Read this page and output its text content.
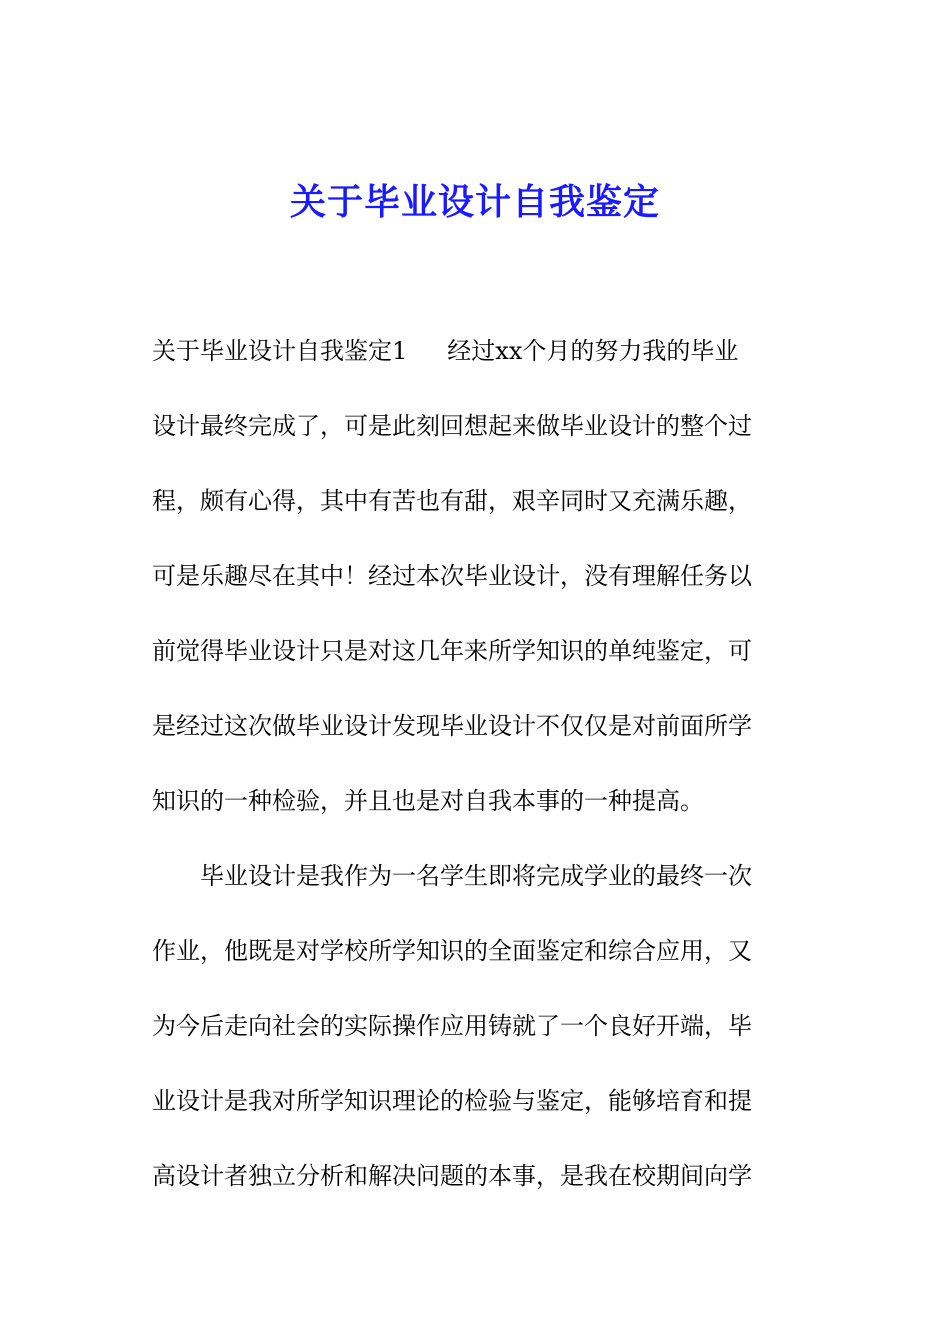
关于毕业设计自我鉴定
关于毕业设计自我鉴定1 经过xx个月的努力我的毕业
设计最终完成了，可是此刻回想起来做毕业设计的整个过
程，颇有心得，其中有苦也有甜，艰辛同时又充满乐趣，
可是乐趣尽在其中！经过本次毕业设计，没有理解任务以
前觉得毕业设计只是对这几年来所学知识的单纯鉴定，可
是经过这次做毕业设计发现毕业设计不仅仅是对前面所学
知识的一种检验，并且也是对自我本事的一种提高。
毕业设计是我作为一名学生即将完成学业的最终一次
作业，他既是对学校所学知识的全面鉴定和综合应用，又
为今后走向社会的实际操作应用铸就了一个良好开端，毕
业设计是我对所学知识理论的检验与鉴定，能够培育和提
高设计者独立分析和解决问题的本事，是我在校期间向学
